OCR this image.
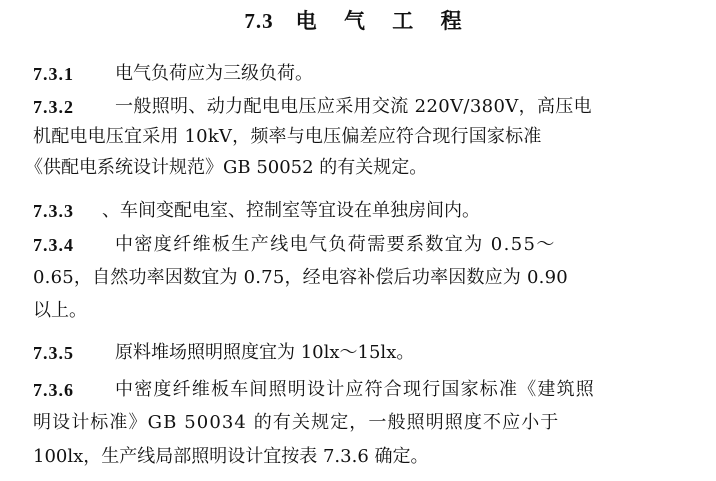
7.3 电 气 工 程
7.3.1 电气负荷应为三级负荷。
7.3.2 一般照明、动力配电电压应采用交流 220V/380V，高压电
机配电电压宜采用 10kV，频率与电压偏差应符合现行国家标准
《供配电系统设计规范》GB 50052 的有关规定。
7.3.3 、车间变配电室、控制室等宜设在单独房间内。
7.3.4 中密度纤维板生产线电气负荷需要系数宜为 0.55～
0.65，自然功率因数宜为 0.75，经电容补偿后功率因数应为 0.90
以上。
7.3.5 原料堆场照明照度宜为 10lx～15lx。
7.3.6 中密度纤维板车间照明设计应符合现行国家标准《建筑照
明设计标准》GB 50034 的有关规定，一般照明照度不应小于
100lx，生产线局部照明设计宜按表 7.3.6 确定。
